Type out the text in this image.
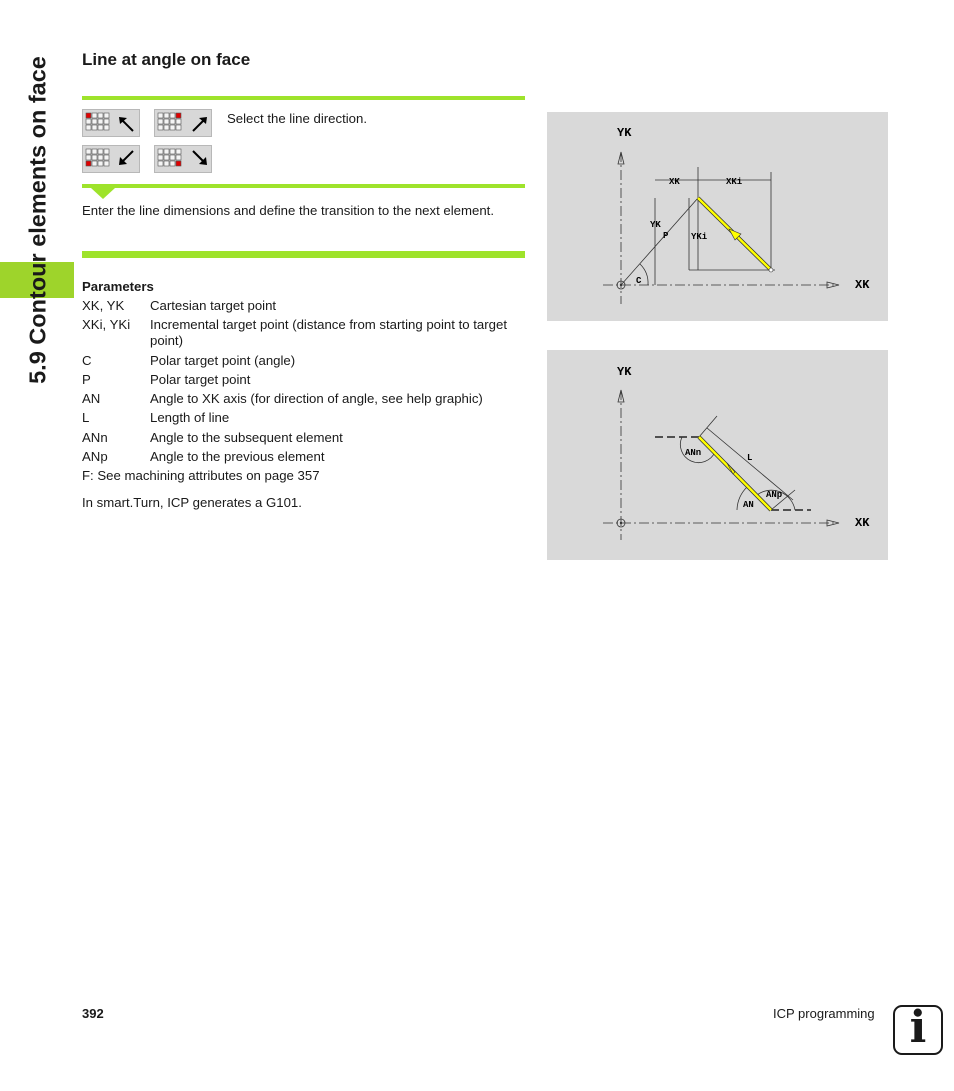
5.9 Contour elements on face Line at angle on face
Select the line direction.
Enter the line dimensions and define the transition to the next element.
Parameters
XK, YK Cartesian target point
XKi, YKi Incremental target point (distance from starting point to target point)
C	Polar target point (angle)
P	Polar target point
AN	Angle to XK axis (for direction of angle, see help graphic)
L	Length of line
ANn	Angle to the subsequent element
ANp	Angle to the previous element
F: See machining attributes on page 357
In smart.Turn, ICP generates a G101.
YK
XK
XK	XKi
YK
YKi
P
C
YK
XK
ANn	L
ANp
AN
392	ICP programming i
